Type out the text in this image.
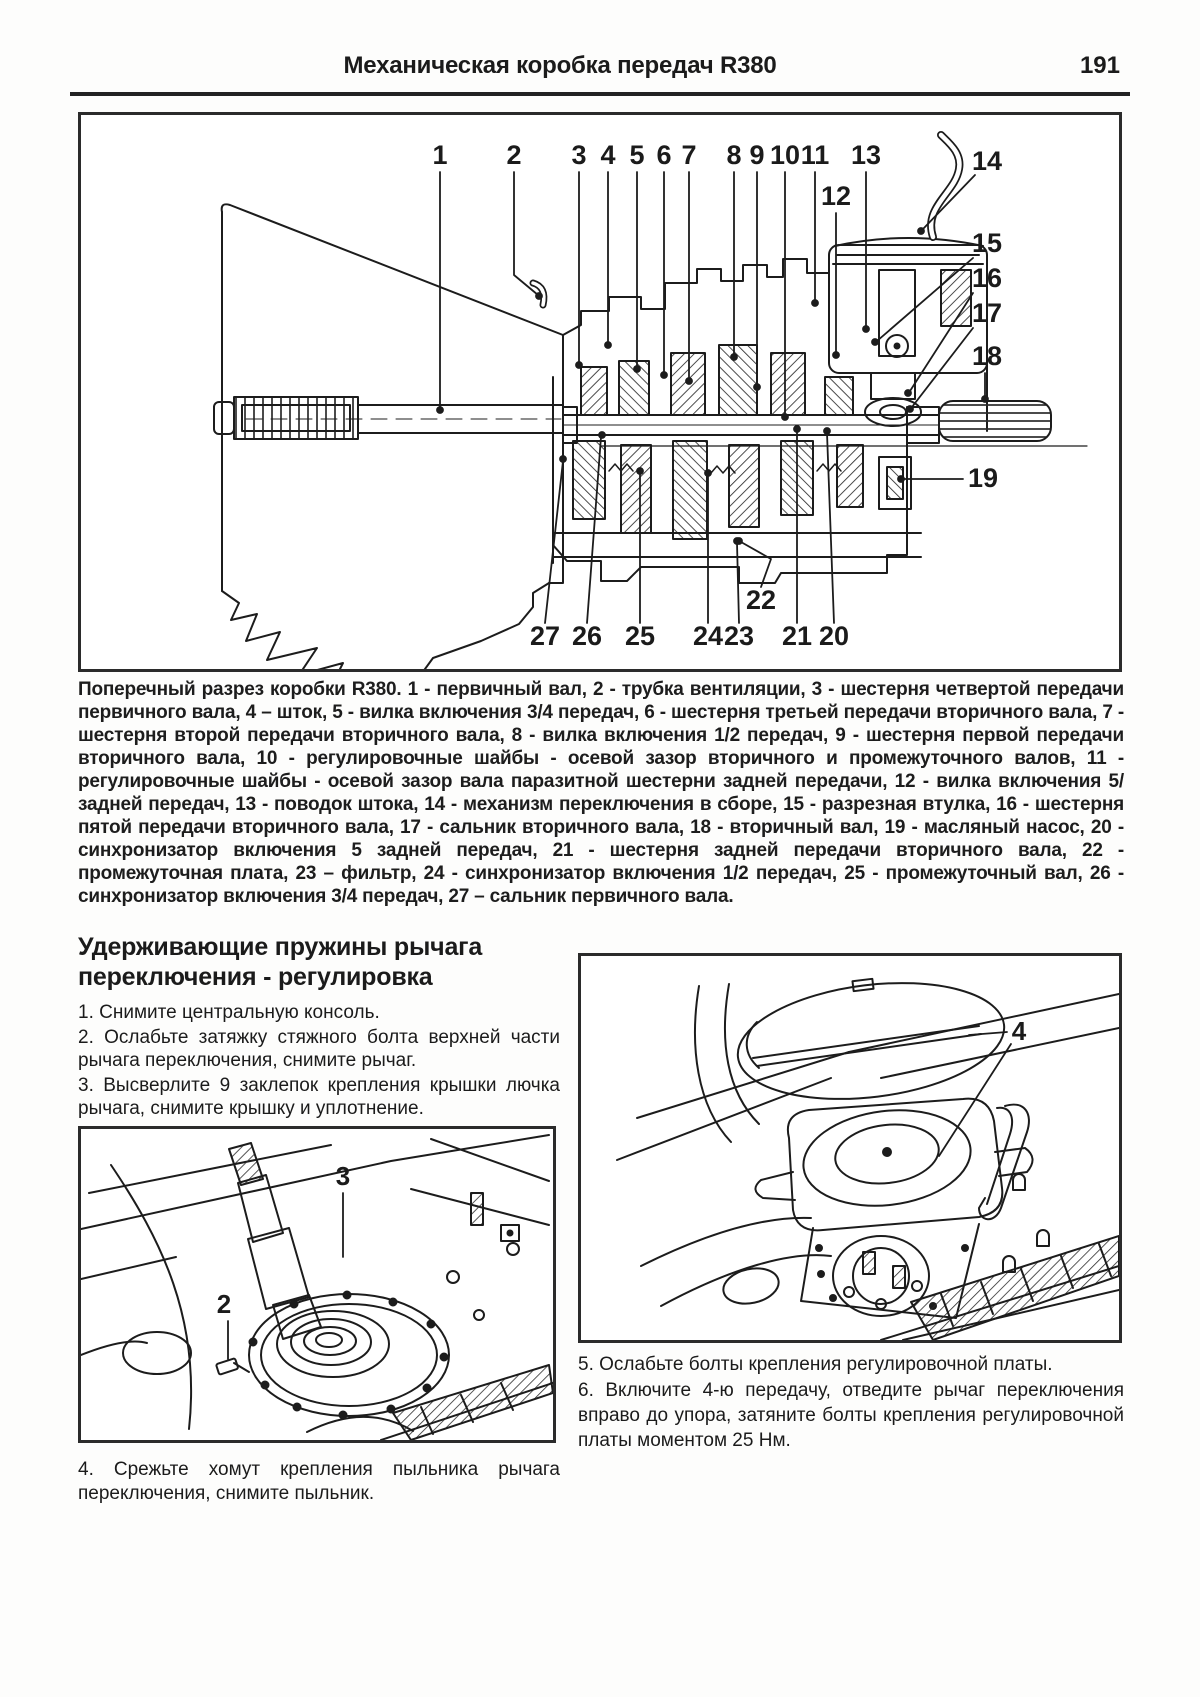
Механическая коробка передач R380	191
1 2 3 4 5 6 7 8 9 10 11
12
13	14
15
16
17
18
19
20
21
22
23
24
25
26
27
Поперечный разрез коробки R380. 1 - первичный вал, 2 - трубка вентиляции, 3 - шестерня четвертой передачи первичного вала, 4 – шток, 5 - вилка включения 3/4 передач, 6 - шестерня третьей передачи вторичного вала, 7 - шестерня второй передачи вторичного вала, 8 - вилка включения 1/2 передач, 9 - шестерня первой передачи вторичного вала, 10 - регулировочные шайбы - осевой зазор вторичного и промежуточного валов, 11 - регулировочные шайбы - осевой зазор вала паразитной шестерни задней передачи, 12 - вилка включения 5/задней передач, 13 - поводок штока, 14 - механизм переключения в сборе, 15 - разрезная втулка, 16 - шестерня пятой передачи вторичного вала, 17 - сальник вторичного вала, 18 - вторичный вал, 19 - масляный насос, 20 - синхронизатор включения 5 задней передач, 21 - шестерня задней передачи вторичного вала, 22 - промежуточная плата, 23 – фильтр, 24 - синхронизатор включения 1/2 передач, 25 - промежуточный вал, 26 - синхронизатор включения 3/4 передач, 27 – сальник первичного вала.
Удерживающие пружины рычага переключения - регулировка

1. Снимите центральную консоль.

2. Ослабьте затяжку стяжного болта верхней части рычага переключения, снимите рычаг.

3. Высверлите 9 заклепок крепления крышки лючка рычага, снимите крышку и уплотнение.

3
2

4. Срежьте хомут крепления пыльника рычага переключения, снимите пыльник.

4

5. Ослабьте болты крепления регулировочной платы.

6. Включите 4-ю передачу, отведите рычаг переключения вправо до упора, затяните болты крепления регулировочной платы моментом 25 Нм.
